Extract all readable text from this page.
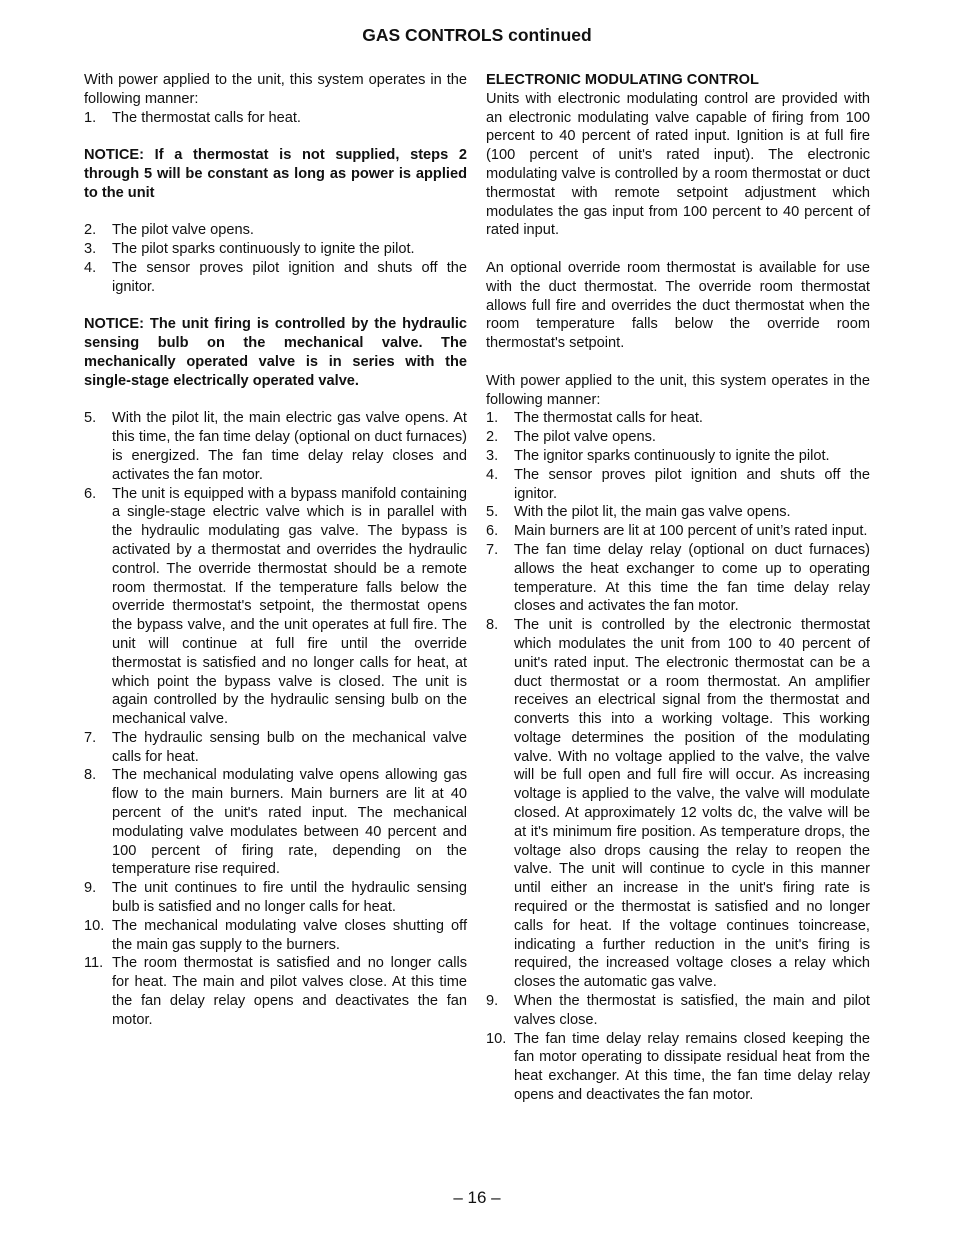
GAS CONTROLS continued

With power applied to the unit, this system operates in the following manner:

1.	The thermostat calls for heat.

NOTICE: If a thermostat is not supplied, steps 2 through 5 will be constant as long as power is applied to the unit

2.	The pilot valve opens.
3.	The pilot sparks continuously to ignite the pilot.
4.	The sensor proves pilot ignition and shuts off the ignitor.

NOTICE: The unit firing is controlled by the hydraulic sensing bulb on the mechanical valve. The mechanically operated valve is in series with the single-stage electrically operated valve.

5.	With the pilot lit, the main electric gas valve opens. At this time, the fan time delay (optional on duct furnaces) is energized. The fan time delay relay closes and activates the fan motor.
6.	The unit is equipped with a bypass manifold containing a single-stage electric valve which is in parallel with the hydraulic modulating gas valve. The bypass is activated by a thermostat and overrides the hydraulic control. The override thermostat should be a remote room thermostat. If the temperature falls below the override thermostat's setpoint, the thermostat opens the bypass valve, and the unit operates at full fire. The unit will continue at full fire until the override thermostat is satisfied and no longer calls for heat, at which point the bypass valve is closed. The unit is again controlled by the hydraulic sensing bulb on the mechanical valve.
7.	The hydraulic sensing bulb on the mechanical valve calls for heat.
8.	The mechanical modulating valve opens allowing gas flow to the main burners. Main burners are lit at 40 percent of the unit's rated input. The mechanical modulating valve modulates between 40 percent and 100 percent of firing rate, depending on the temperature rise required.
9.	The unit continues to fire until the hydraulic sensing bulb is satisfied and no longer calls for heat.
10. The mechanical modulating valve closes shutting off the main gas supply to the burners.
11. The room thermostat is satisfied and no longer calls for heat. The main and pilot valves close. At this time the fan delay relay opens and deactivates the fan motor.

ELECTRONIC MODULATING CONTROL

Units with electronic modulating control are provided with an electronic modulating valve capable of firing from 100 percent to 40 percent of rated input. Ignition is at full fire (100 percent of unit's rated input). The electronic modulating valve is controlled by a room thermostat or duct thermostat with remote setpoint adjustment which modulates the gas input from 100 percent to 40 percent of rated input.

An optional override room thermostat is available for use with the duct thermostat. The override room thermostat allows full fire and overrides the duct thermostat when the room temperature falls below the override room thermostat's setpoint.

With power applied to the unit, this system operates in the following manner:

1.	The thermostat calls for heat.
2.	The pilot valve opens.
3.	The ignitor sparks continuously to ignite the pilot.
4.	The sensor proves pilot ignition and shuts off the ignitor.
5.	With the pilot lit, the main gas valve opens.
6.	Main burners are lit at 100 percent of unit’s rated input.
7.	The fan time delay relay (optional on duct furnaces) allows the heat exchanger to come up to operating temperature. At this time the fan time delay relay closes and activates the fan motor.
8.	The unit is controlled by the electronic thermostat which modulates the unit from 100 to 40 percent of unit's rated input. The electronic thermostat can be a duct thermostat or a room thermostat. An amplifier receives an electrical signal from the thermostat and converts this into a working voltage. This working voltage determines the position of the modulating valve. With no voltage applied to the valve, the valve will be full open and full fire will occur. As increasing voltage is applied to the valve, the valve will modulate closed. At approximately 12 volts dc, the valve will be at it's minimum fire position. As temperature drops, the voltage also drops causing the relay to reopen the valve. The unit will continue to cycle in this manner until either an increase in the unit's firing rate is required or the thermostat is satisfied and no longer calls for heat. If the voltage continues toincrease, indicating a further reduction in the unit's firing is required, the increased voltage closes a relay which closes the automatic gas valve.
9.	When the thermostat is satisfied, the main and pilot valves close.
10. The fan time delay relay remains closed keeping the fan motor operating to dissipate residual heat from the heat exchanger. At this time, the fan time delay relay opens and deactivates the fan motor.
– 16 –
